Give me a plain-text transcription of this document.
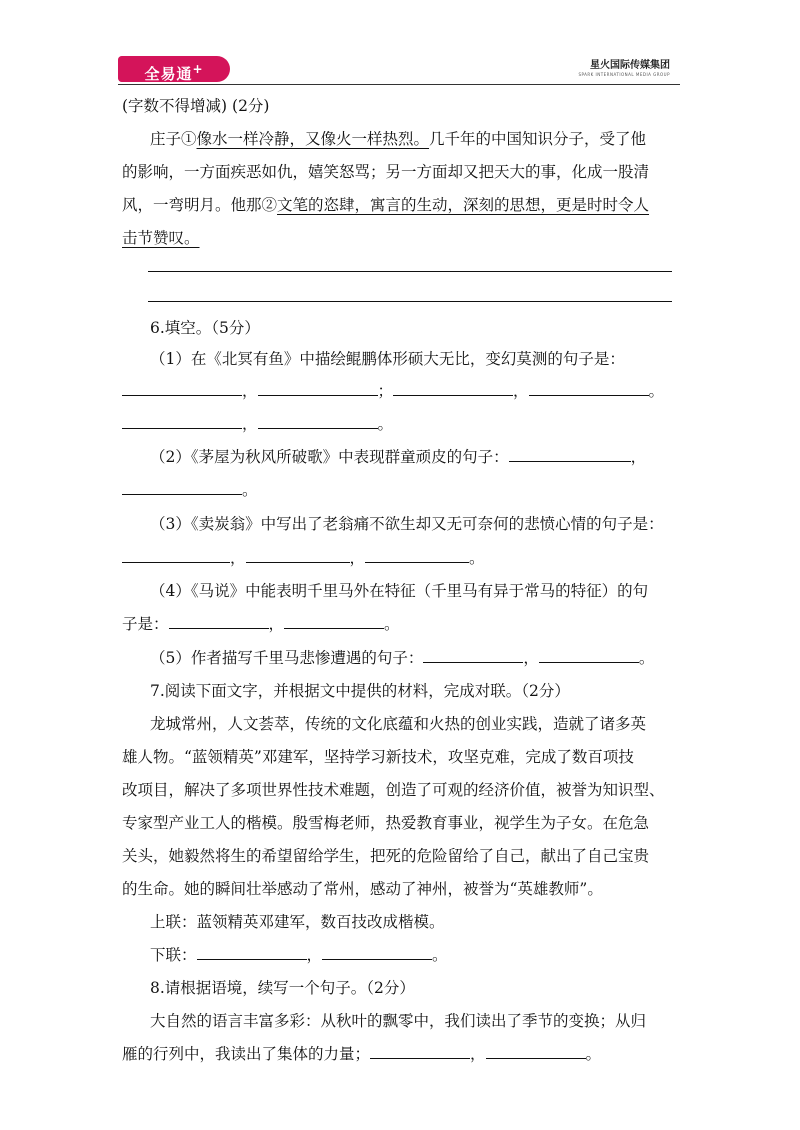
全易通+	星火国际传媒集团
SPARK INTERNATIONAL MEDIA GROUP
(字数不得增减) (2分)
庄子①像水一样冷静，又像火一样热烈。几千年的中国知识分子，受了他
的影响，一方面疾恶如仇，嬉笑怒骂；另一方面却又把天大的事，化成一股清
风，一弯明月。他那②文笔的恣肆，寓言的生动，深刻的思想，更是时时令人
击节赞叹。
6.填空。（5分）
（1）在《北冥有鱼》中描绘鲲鹏体形硕大无比，变幻莫测的句子是：
，	；	，	。
，	。
（2）《茅屋为秋风所破歌》中表现群童顽皮的句子：	，
。
（3）《卖炭翁》中写出了老翁痛不欲生却又无可奈何的悲愤心情的句子是：
，	，	。
（4）《马说》中能表明千里马外在特征（千里马有异于常马的特征）的句
子是：	，	。
（5）作者描写千里马悲惨遭遇的句子：	，	。
7.阅读下面文字，并根据文中提供的材料，完成对联。（2分）
龙城常州，人文荟萃，传统的文化底蕴和火热的创业实践，造就了诸多英
雄人物。“蓝领精英”邓建军，坚持学习新技术，攻坚克难，完成了数百项技
改项目，解决了多项世界性技术难题，创造了可观的经济价值，被誉为知识型、
专家型产业工人的楷模。殷雪梅老师，热爱教育事业，视学生为子女。在危急
关头，她毅然将生的希望留给学生，把死的危险留给了自己，献出了自己宝贵
的生命。她的瞬间壮举感动了常州，感动了神州，被誉为“英雄教师”。
上联：蓝领精英邓建军，数百技改成楷模。
下联：	，	。
8.请根据语境，续写一个句子。（2分）
大自然的语言丰富多彩：从秋叶的飘零中，我们读出了季节的变换；从归
雁的行列中，我读出了集体的力量；	，	。
